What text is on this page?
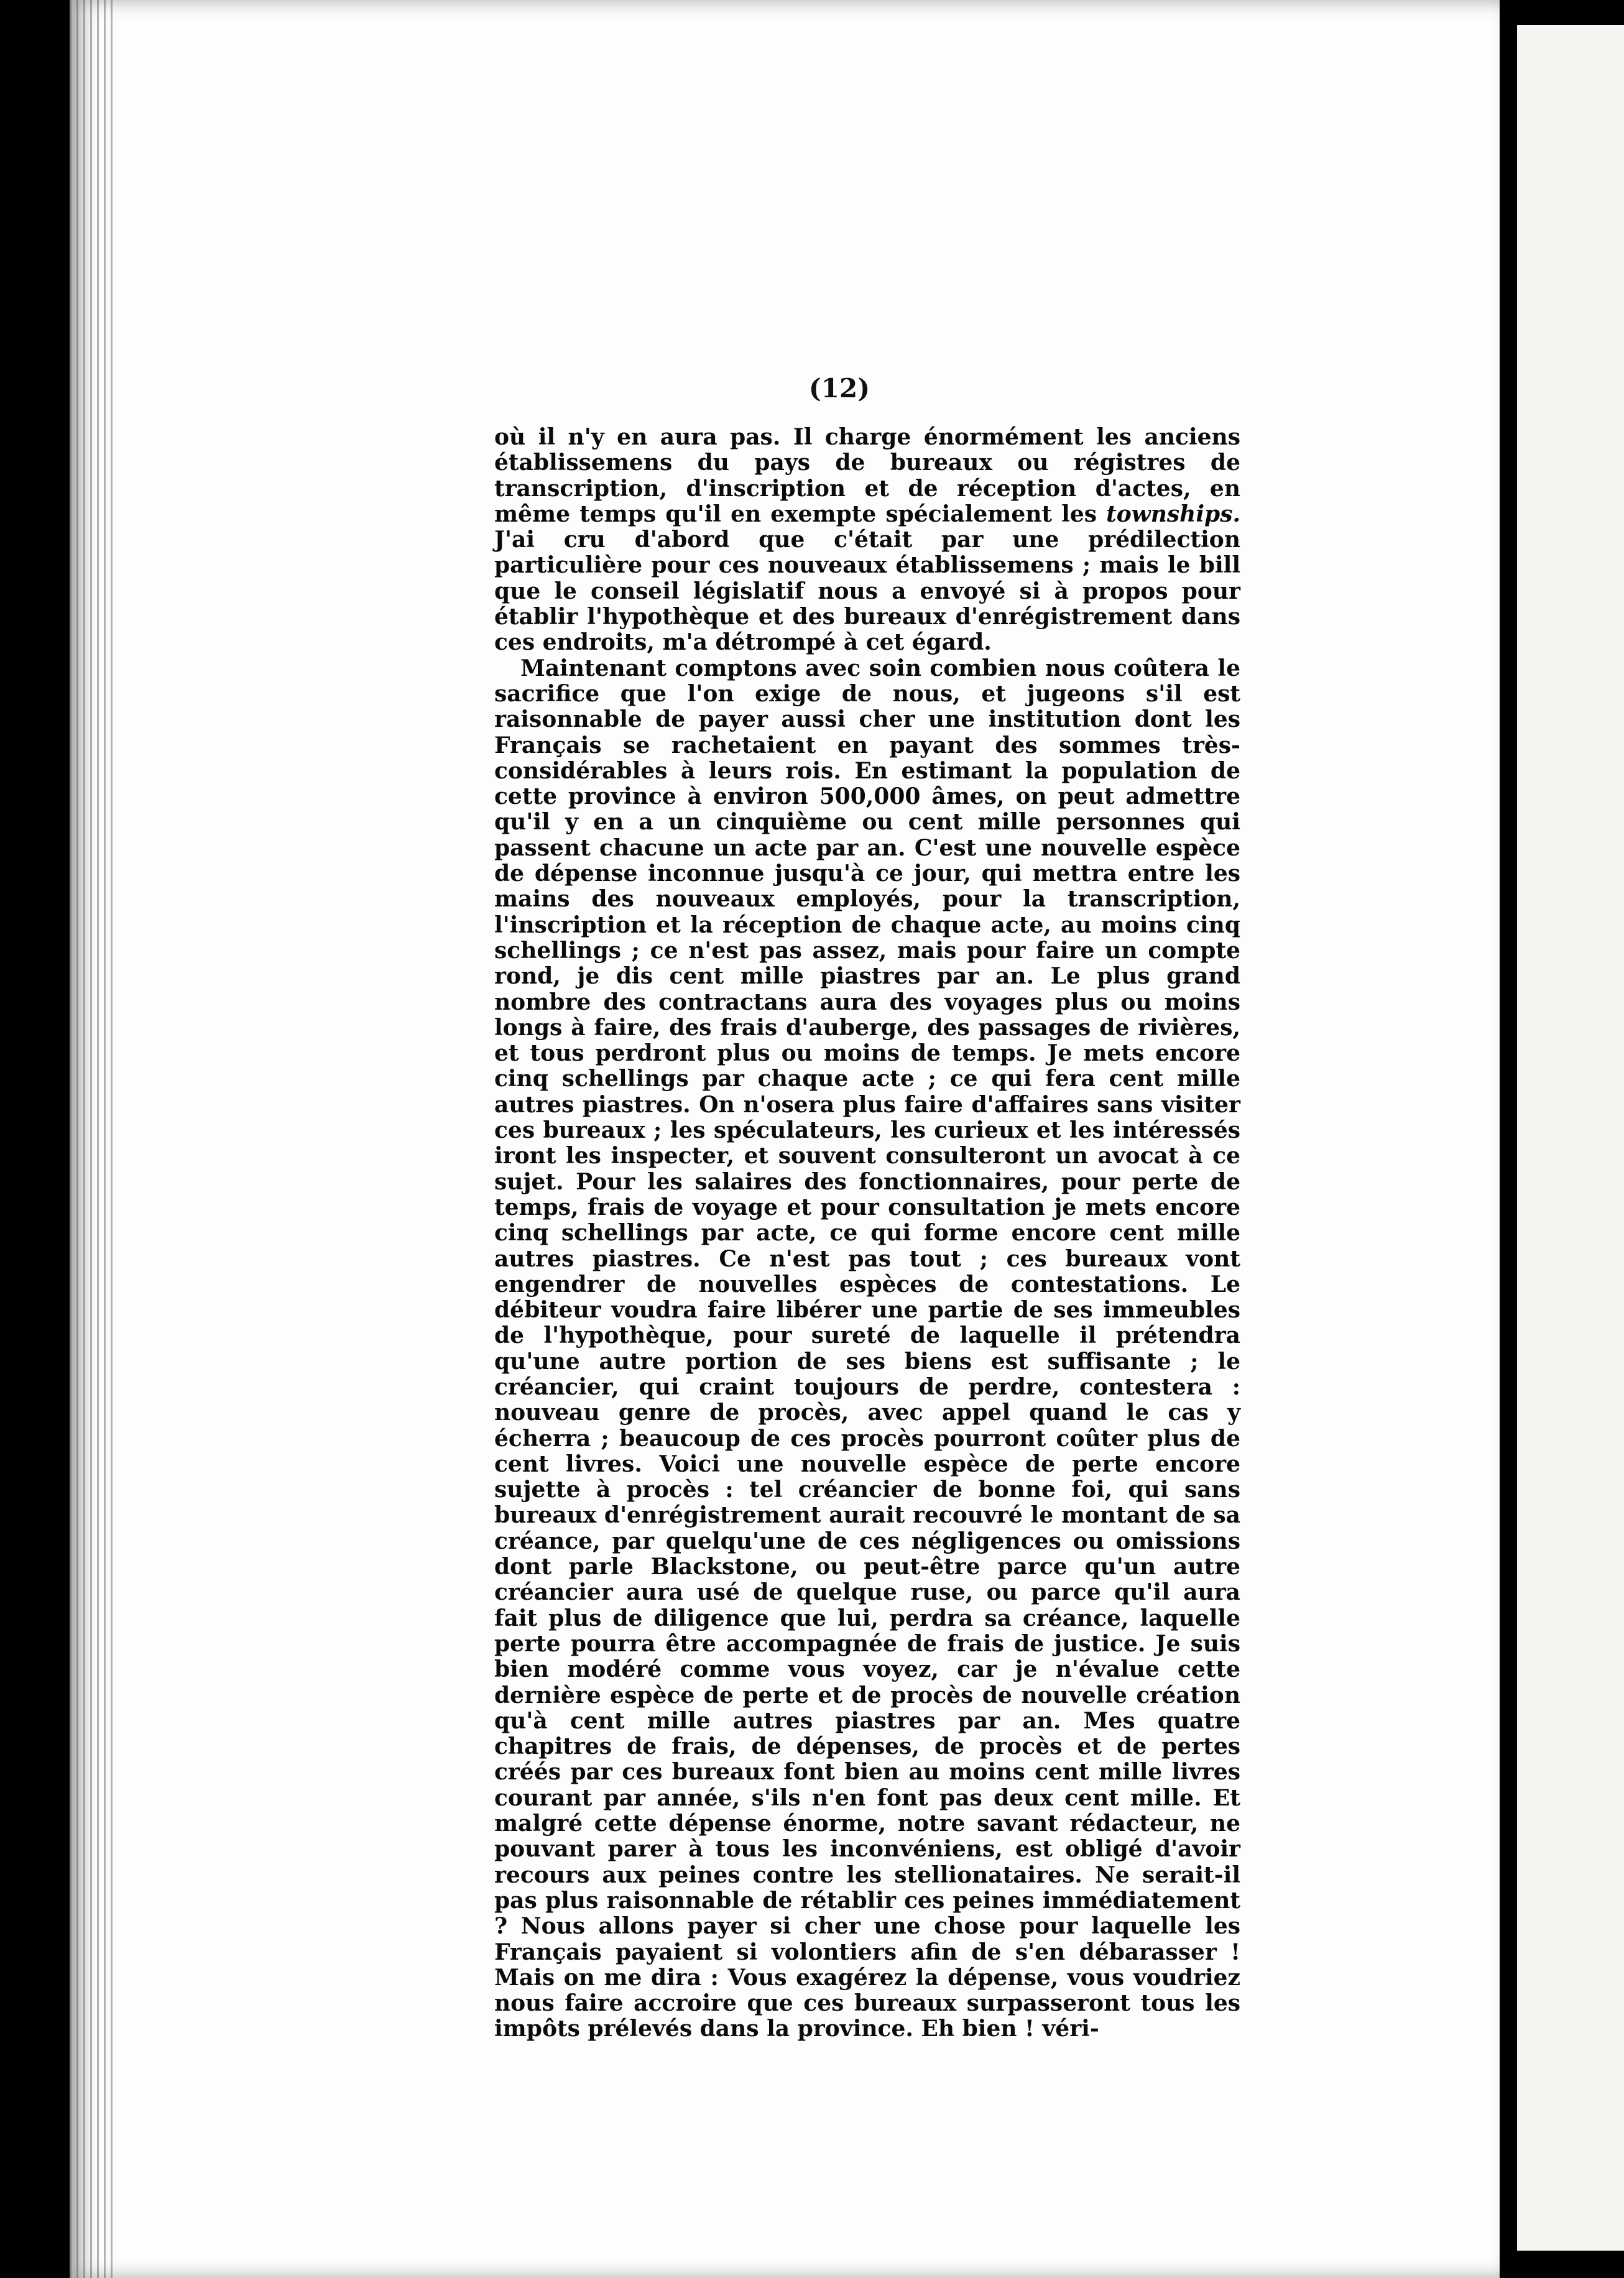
(12)

où il n'y en aura pas. Il charge énormément les anciens établissemens du pays de bureaux ou régistres de transcription, d'inscription et de réception d'actes, en même temps qu'il en exempte spécialement les townships. J'ai cru d'abord que c'était par une prédilection particulière pour ces nouveaux établissemens ; mais le bill que le conseil législatif nous a envoyé si à propos pour établir l'hypothèque et des bureaux d'enrégistrement dans ces endroits, m'a détrompé à cet égard.

Maintenant comptons avec soin combien nous coûtera le sacrifice que l'on exige de nous, et jugeons s'il est raisonnable de payer aussi cher une institution dont les Français se rachetaient en payant des sommes très-considérables à leurs rois. En estimant la population de cette province à environ 500,000 âmes, on peut admettre qu'il y en a un cinquième ou cent mille personnes qui passent chacune un acte par an. C'est une nouvelle espèce de dépense inconnue jusqu'à ce jour, qui mettra entre les mains des nouveaux employés, pour la transcription, l'inscription et la réception de chaque acte, au moins cinq schellings ; ce n'est pas assez, mais pour faire un compte rond, je dis cent mille piastres par an. Le plus grand nombre des contractans aura des voyages plus ou moins longs à faire, des frais d'auberge, des passages de rivières, et tous perdront plus ou moins de temps. Je mets encore cinq schellings par chaque acte ; ce qui fera cent mille autres piastres. On n'osera plus faire d'affaires sans visiter ces bureaux ; les spéculateurs, les curieux et les intéressés iront les inspecter, et souvent consulteront un avocat à ce sujet. Pour les salaires des fonctionnaires, pour perte de temps, frais de voyage et pour consultation je mets encore cinq schellings par acte, ce qui forme encore cent mille autres piastres. Ce n'est pas tout ; ces bureaux vont engendrer de nouvelles espèces de contestations. Le débiteur voudra faire libérer une partie de ses immeubles de l'hypothèque, pour sureté de laquelle il prétendra qu'une autre portion de ses biens est suffisante ; le créancier, qui craint toujours de perdre, contestera : nouveau genre de procès, avec appel quand le cas y écherra ; beaucoup de ces procès pourront coûter plus de cent livres. Voici une nouvelle espèce de perte encore sujette à procès : tel créancier de bonne foi, qui sans bureaux d'enrégistrement aurait recouvré le montant de sa créance, par quelqu'une de ces négligences ou omissions dont parle Blackstone, ou peut-être parce qu'un autre créancier aura usé de quelque ruse, ou parce qu'il aura fait plus de diligence que lui, perdra sa créance, laquelle perte pourra être accompagnée de frais de justice. Je suis bien modéré comme vous voyez, car je n'évalue cette dernière espèce de perte et de procès de nouvelle création qu'à cent mille autres piastres par an. Mes quatre chapitres de frais, de dépenses, de procès et de pertes créés par ces bureaux font bien au moins cent mille livres courant par année, s'ils n'en font pas deux cent mille. Et malgré cette dépense énorme, notre savant rédacteur, ne pouvant parer à tous les inconvéniens, est obligé d'avoir recours aux peines contre les stellionataires. Ne serait-il pas plus raisonnable de rétablir ces peines immédiatement ? Nous allons payer si cher une chose pour laquelle les Français payaient si volontiers afin de s'en débarasser ! Mais on me dira : Vous exagérez la dépense, vous voudriez nous faire accroire que ces bureaux surpasseront tous les impôts prélevés dans la province. Eh bien ! véri-
